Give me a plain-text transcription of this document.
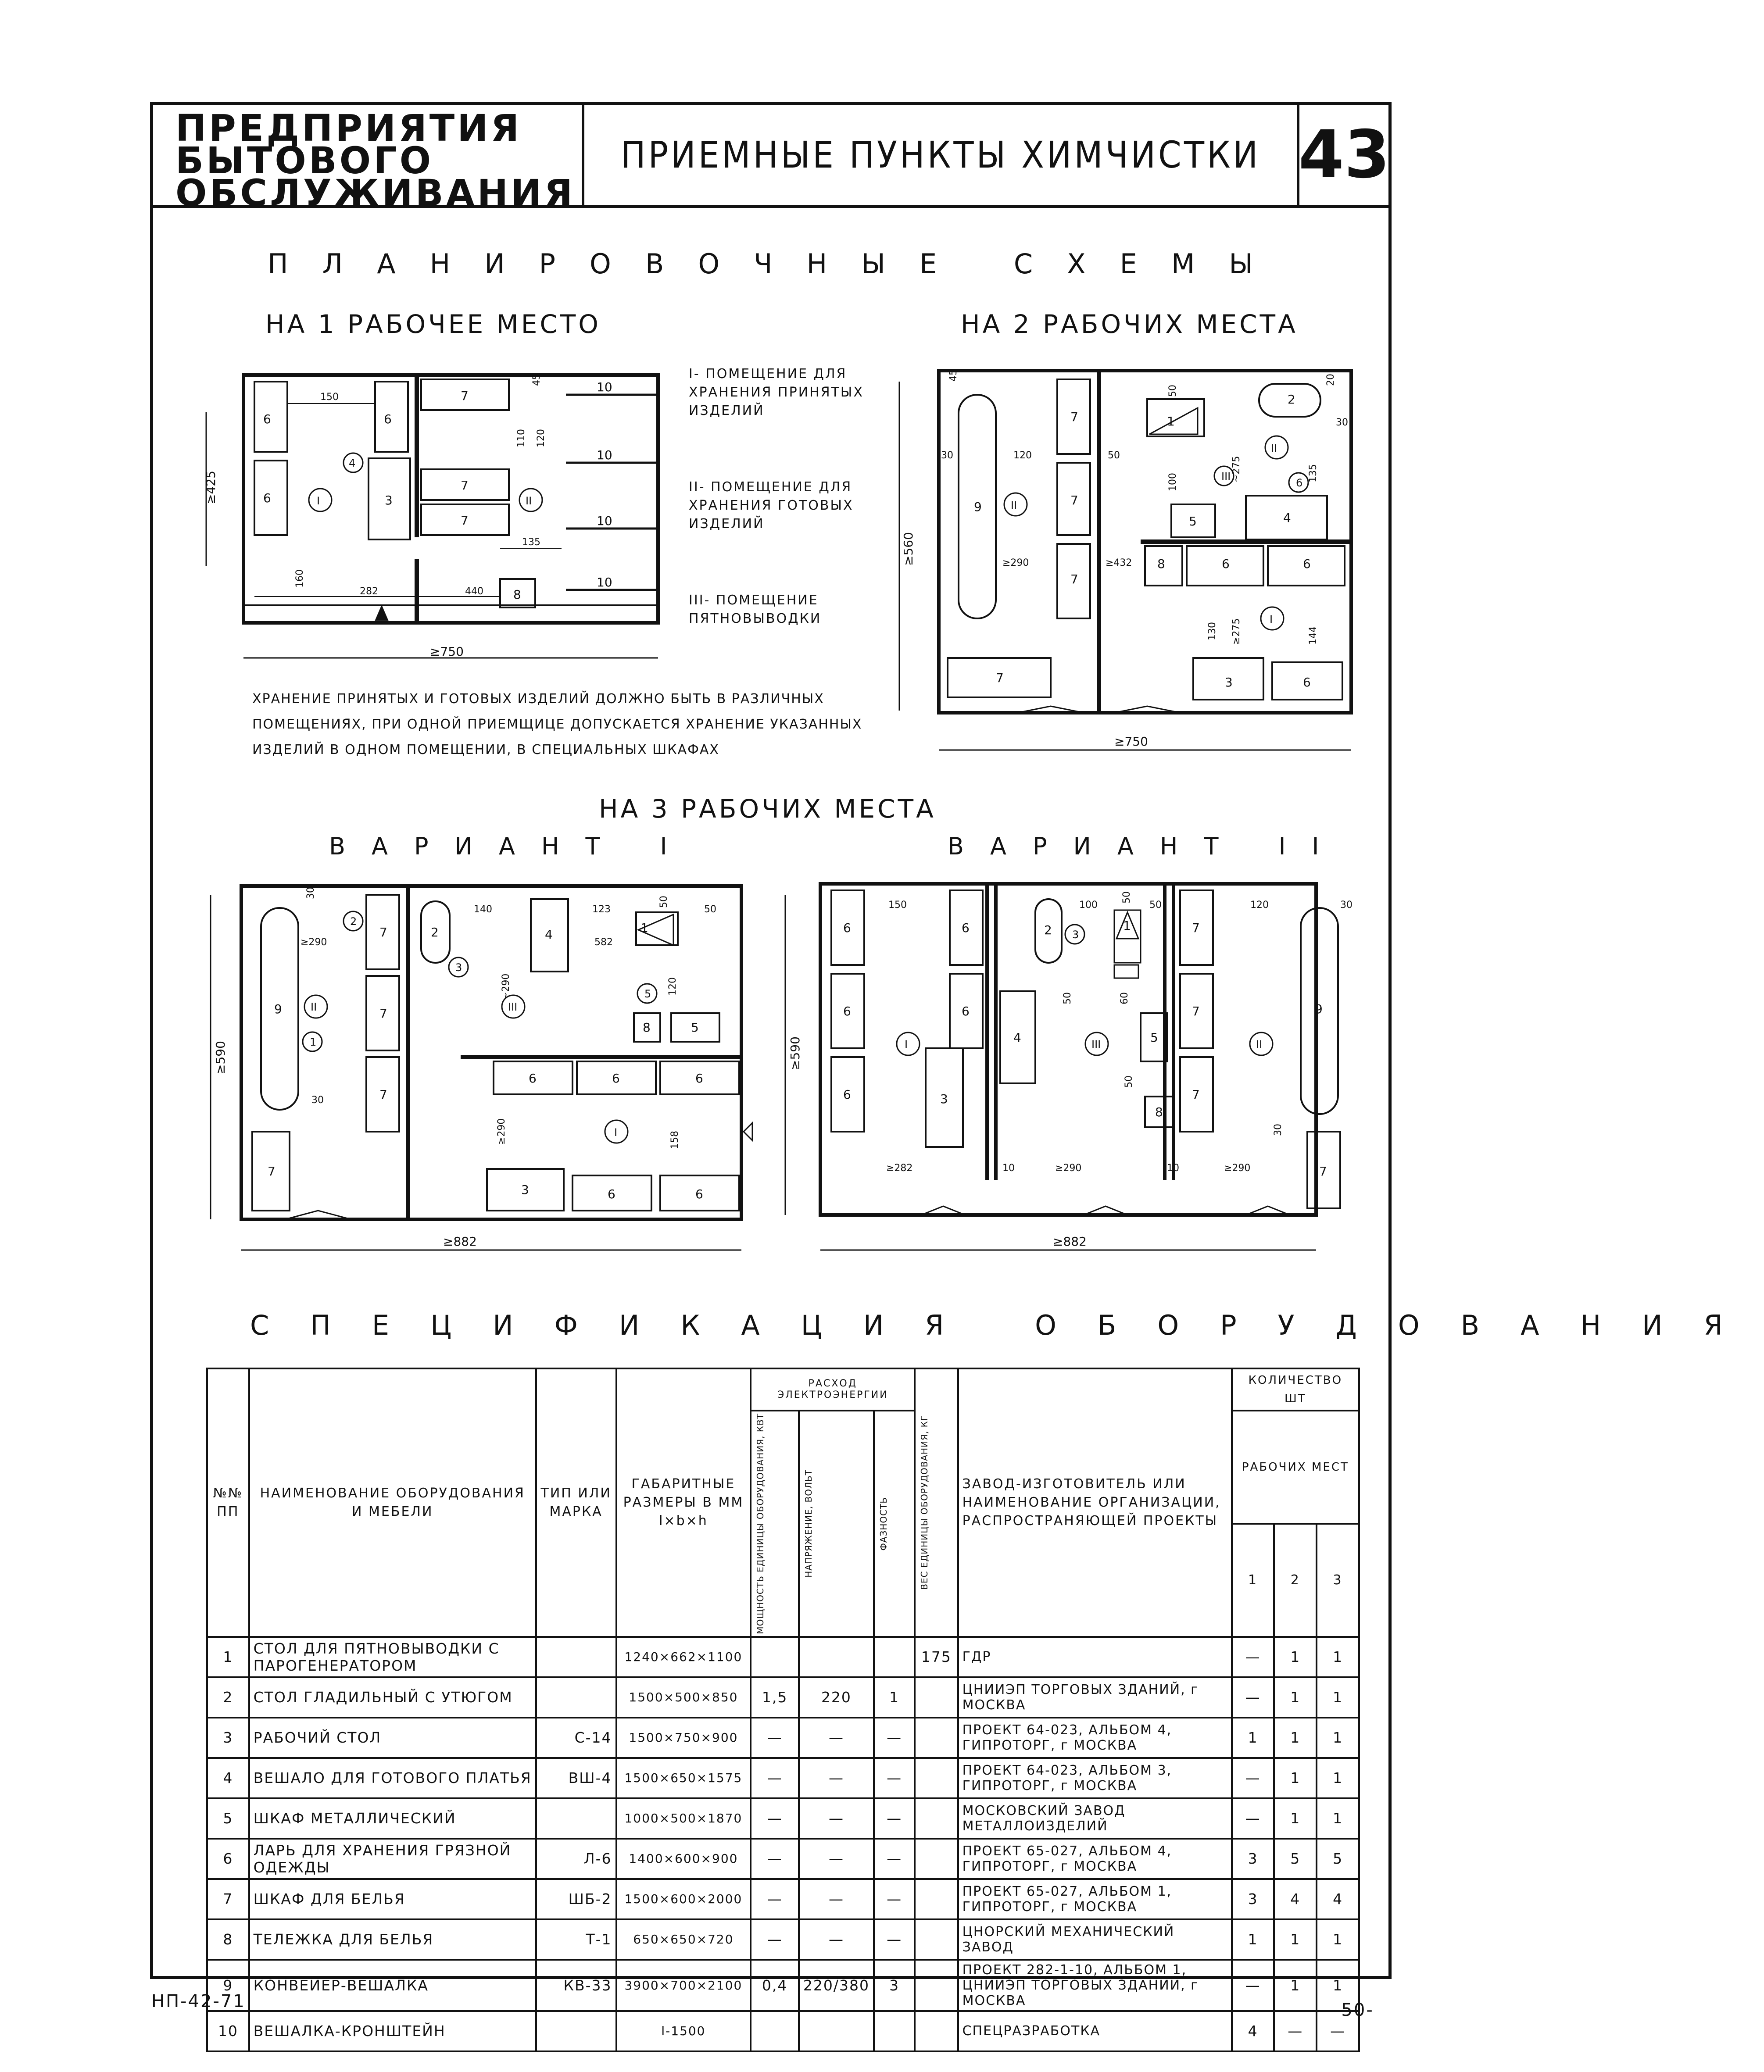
ПРЕДПРИЯТИЯ
БЫТОВОГО
ОБСЛУЖИВАНИЯ
ПРИЕМНЫЕ ПУНКТЫ ХИМЧИСТКИ 43
ПЛАНИРОВОЧНЫЕ СХЕМЫ
НА 1 РАБОЧЕЕ МЕСТО	НА 2 РАБОЧИХ МЕСТА
НА 3 РАБОЧИХ МЕСТА
ВАРИАНТ I	ВАРИАНТ II
I- ПОМЕЩЕНИЕ ДЛЯ ХРАНЕНИЯ ПРИНЯТЫХ ИЗДЕЛИЙ
II- ПОМЕЩЕНИЕ ДЛЯ ХРАНЕНИЯ ГОТОВЫХ ИЗДЕЛИЙ
III- ПОМЕЩЕНИЕ ПЯТНОВЫВОДКИ
ХРАНЕНИЕ ПРИНЯТЫХ И ГОТОВЫХ ИЗДЕЛИЙ ДОЛЖНО БЫТЬ В РАЗЛИЧНЫХ ПОМЕЩЕНИЯХ, ПРИ ОДНОЙ ПРИЕМЩИЦЕ ДОПУСКАЕТСЯ ХРАНЕНИЕ УКАЗАННЫХ ИЗДЕЛИЙ В ОДНОМ ПОМЕЩЕНИИ, В СПЕЦИАЛЬНЫХ ШКАФАХ
6
6
6
3
7
7
7
8
10
10
10
10
4
I	II
150
282	440
135
45
110 120
160
≥750
≥425
9
7
7
7
7
8	6	6
5	4
2
3	6
1
II
II
III
6
I
45
30	120	50
50
100	~275	135
20
30
≥290	≥432
130 ≥275	144
≥750
≥560
9
7
7
7
7
2	4	1
8	5
6	6	6
3	6	6
2
3
II
1
III
5
I
30
30
140	123
50
50
582
≥290
~290	120
≥290	158
≥882
≥590
6
6
6
6
6
3
4
2	1
5
8
7
7
7
9
7
I
3
III	II
150	100
50
50	120	30
50	60
50
30
≥282	10	≥290	10	≥290
≥882
≥590
СПЕЦИФИКАЦИЯ ОБОРУДОВАНИЯ
№№ ПП	НАИМЕНОВАНИЕ ОБОРУДОВАНИЯ И МЕБЕЛИ	ТИП ИЛИ МАРКА	ГАБАРИТНЫЕ РАЗМЕРЫ В ММ
l×b×h	РАСХОД ЭЛЕКТРОЭНЕРГИИ			ВЕС ЕДИНИЦЫ ОБОРУДОВАНИЯ, КГ	ЗАВОД-ИЗГОТОВИТЕЛЬ ИЛИ НАИМЕНОВАНИЕ ОРГАНИЗАЦИИ, РАСПРОСТРАНЯЮЩЕЙ ПРОЕКТЫ	КОЛИЧЕСТВО ШТ		

				МОЩНОСТЬ ЕДИНИЦЫ ОБОРУДОВАНИЯ, КВТ	НАПРЯЖЕНИЕ, ВОЛЬТ	ФАЗНОСТЬ			РАБОЧИХ МЕСТ		
									1	2	3
1	СТОЛ ДЛЯ ПЯТНОВЫВОДКИ С ПАРОГЕНЕРАТОРОМ		1240×662×1100				175	ГДР	—	1	1
2	СТОЛ ГЛАДИЛЬНЫЙ С УТЮГОМ		1500×500×850	1,5	220	1		ЦНИИЭП ТОРГОВЫХ ЗДАНИЙ, г МОСКВА	—	1	1
3	РАБОЧИЙ СТОЛ	С-14	1500×750×900	—	—	—		ПРОЕКТ 64-023, АЛЬБОМ 4, ГИПРОТОРГ, г МОСКВА	1	1	1
4	ВЕШАЛО ДЛЯ ГОТОВОГО ПЛАТЬЯ	ВШ-4	1500×650×1575	—	—	—		ПРОЕКТ 64-023, АЛЬБОМ 3, ГИПРОТОРГ, г МОСКВА	—	1	1
5	ШКАФ МЕТАЛЛИЧЕСКИЙ		1000×500×1870	—	—	—		МОСКОВСКИЙ ЗАВОД МЕТАЛЛОИЗДЕЛИЙ	—	1	1
6	ЛАРЬ ДЛЯ ХРАНЕНИЯ ГРЯЗНОЙ ОДЕЖДЫ	Л-6	1400×600×900	—	—	—		ПРОЕКТ 65-027, АЛЬБОМ 4, ГИПРОТОРГ, г МОСКВА	3	5	5
7	ШКАФ ДЛЯ БЕЛЬЯ	ШБ-2	1500×600×2000	—	—	—		ПРОЕКТ 65-027, АЛЬБОМ 1, ГИПРОТОРГ, г МОСКВА	3	4	4
8	ТЕЛЕЖКА ДЛЯ БЕЛЬЯ	Т-1	650×650×720	—	—	—		ЦНОРСКИЙ МЕХАНИЧЕСКИЙ ЗАВОД	1	1	1
9	КОНВЕЙЕР-ВЕШАЛКА	КВ-33	3900×700×2100	0,4	220/380	3		ПРОЕКТ 282-1-10, АЛЬБОМ 1, ЦНИИЭП ТОРГОВЫХ ЗДАНИЙ, г МОСКВА	—	1	1
10	ВЕШАЛКА-КРОНШТЕЙН		l-1500					СПЕЦРАЗРАБОТКА	4	—	—
НП-42-71	-50-
